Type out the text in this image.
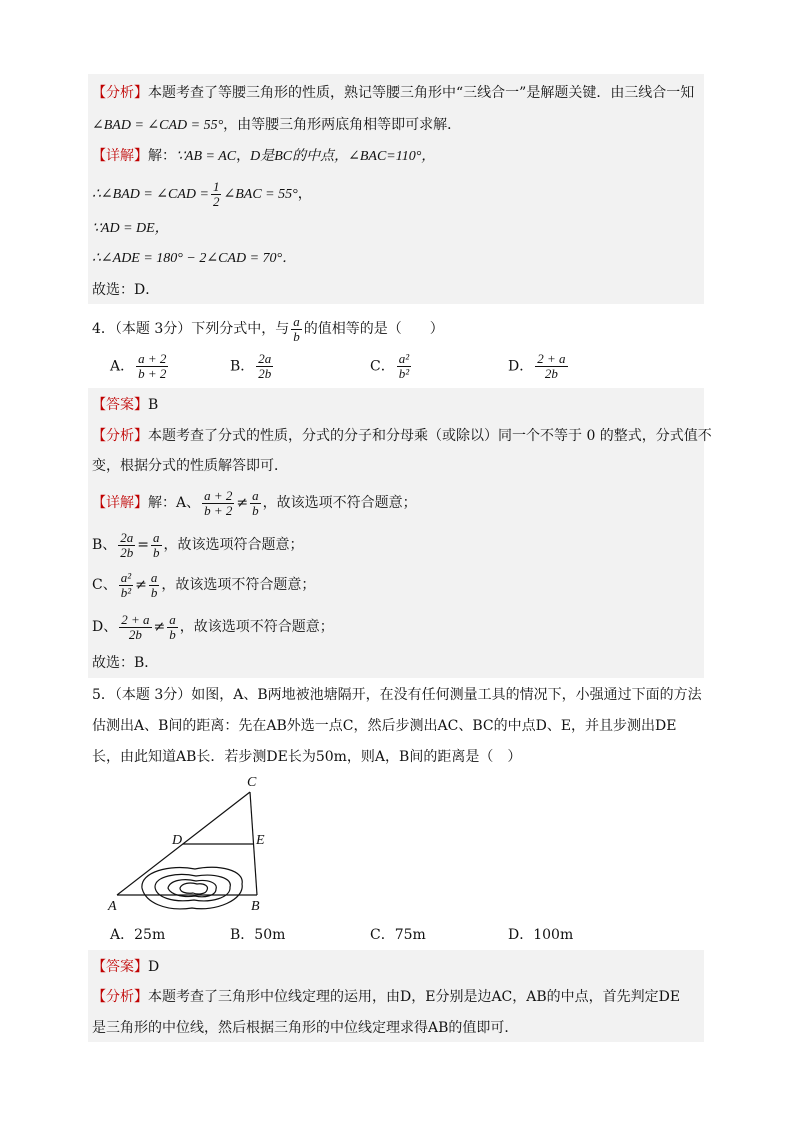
【分析】本题考查了等腰三角形的性质，熟记等腰三角形中“三线合一”是解题关键．由三线合一知
∠BAD = ∠CAD = 55°，由等腰三角形两底角相等即可求解．
【详解】解：∵AB = AC，D是BC的中点，∠BAC=110°，
∴∠BAD = ∠CAD = $\frac{1}{2}$ ∠BAC = 55°，
∵AD = DE，
∴∠ADE = 180° − 2∠CAD = 70°．
故选：D．
4．（本题 3分）下列分式中，与 $\frac{a}{b}$ 的值相等的是（　　）
A． $\frac{a + 2}{b + 2}$	B． $\frac{2a}{2b}$	C． $\frac{\text{a²}}{\text{b²}}$	D． $\frac{2 + a}{2b}$
【答案】B
【分析】本题考查了分式的性质，分式的分子和分母乘（或除以）同一个不等于 0 的整式，分式值不
变，根据分式的性质解答即可．
【详解】解：A、 $\frac{a + 2}{b + 2} \ne \frac{a}{b}$ ，故该选项不符合题意；
B、 $\frac{2a}{2b} = \frac{a}{b}$ ，故该选项符合题意；
C、 $\frac{\text{a²}}{\text{b²}} \ne \frac{a}{b}$ ，故该选项不符合题意；
D、 $\frac{2 + a}{2b} \ne \frac{a}{b}$ ，故该选项不符合题意；
故选：B．
5．（本题 3分）如图，A、B两地被池塘隔开，在没有任何测量工具的情况下，小强通过下面的方法
估测出A、B间的距离：先在AB外选一点C，然后步测出AC、BC的中点D、E，并且步测出DE
长，由此知道AB长．若步测DE长为50m，则A，B间的距离是（　）
C
D	E
A	B
A．25m	B．50m	C．75m	D．100m
【答案】D
【分析】本题考查了三角形中位线定理的运用，由D，E分别是边AC，AB的中点，首先判定DE
是三角形的中位线，然后根据三角形的中位线定理求得AB的值即可．
